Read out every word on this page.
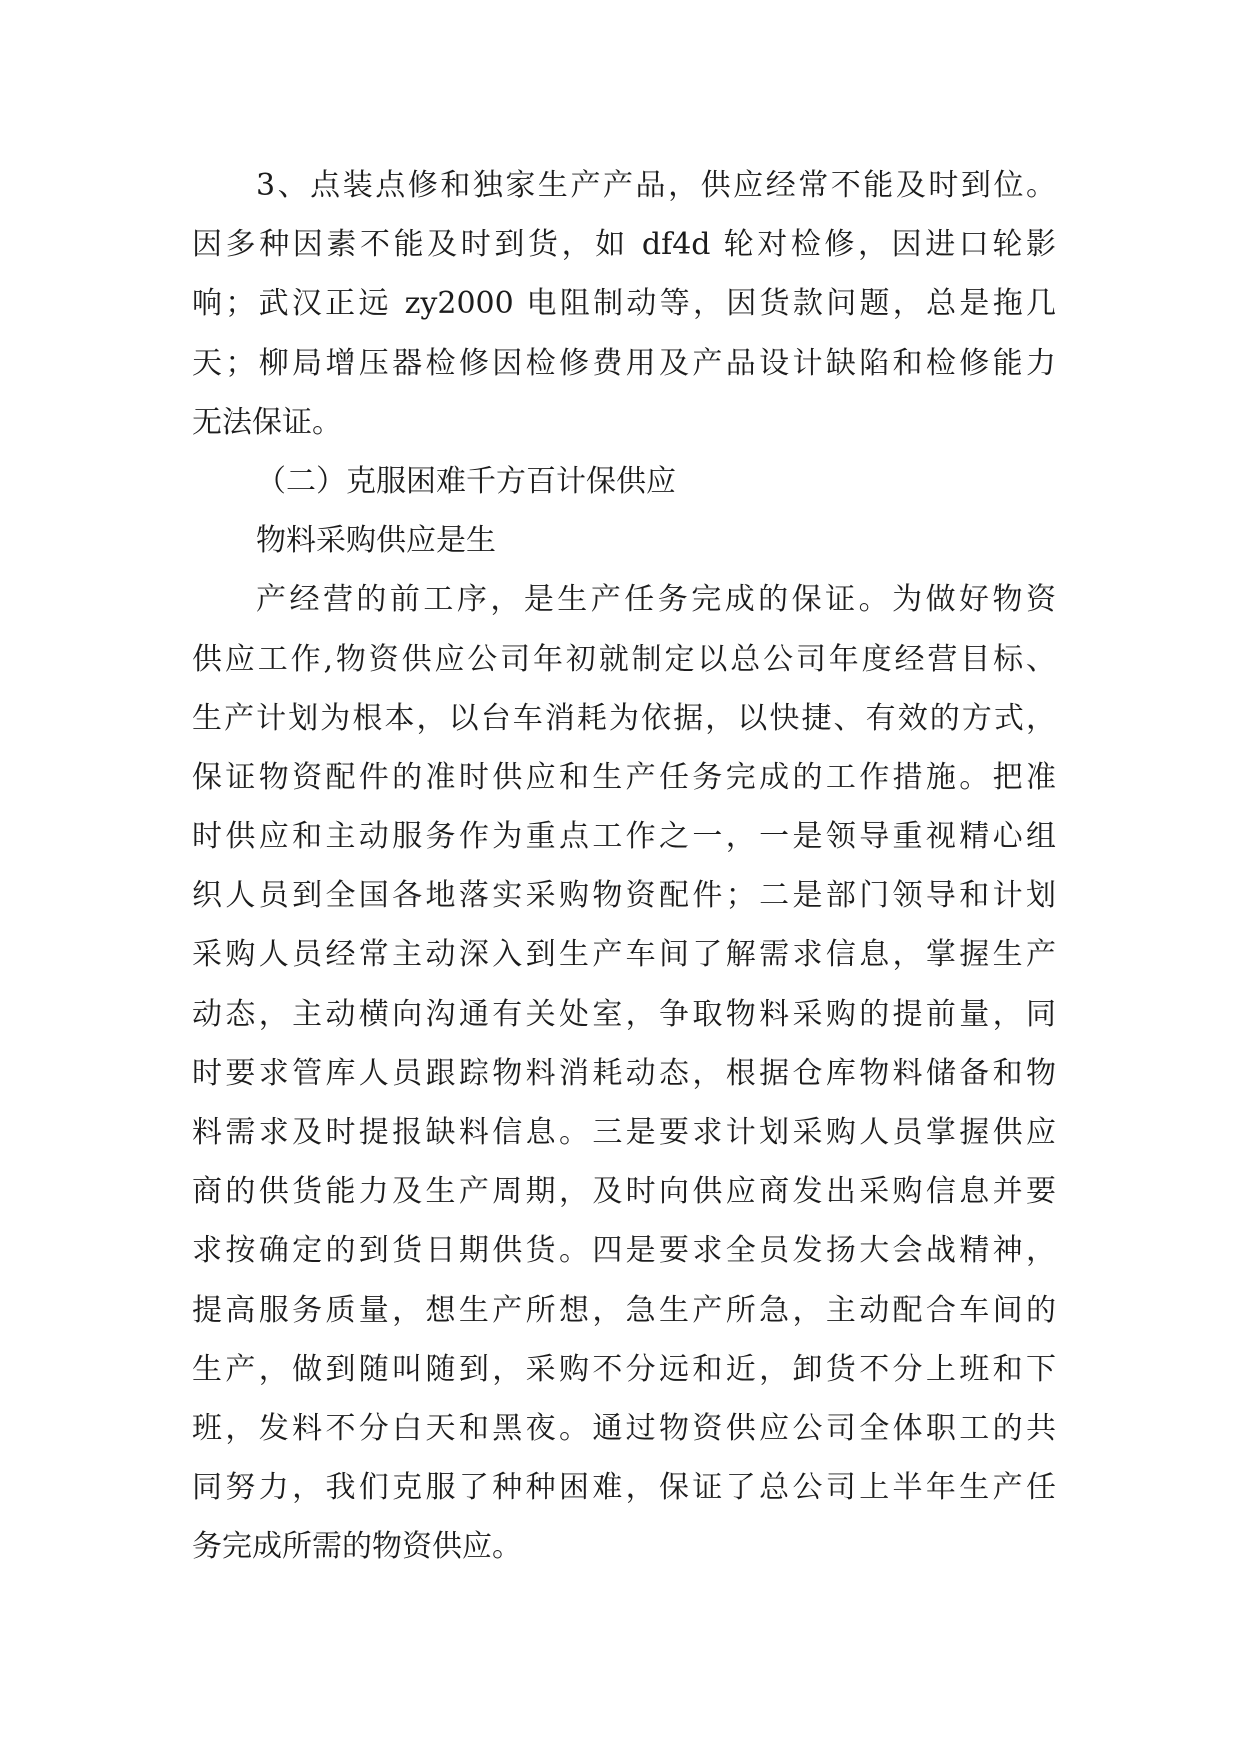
3、点装点修和独家生产产品，供应经常不能及时到位。
因多种因素不能及时到货，如 df4d 轮对检修，因进口轮影
响；武汉正远 zy2000 电阻制动等，因货款问题，总是拖几
天；柳局增压器检修因检修费用及产品设计缺陷和检修能力
无法保证。
（二）克服困难千方百计保供应
物料采购供应是生
产经营的前工序，是生产任务完成的保证。为做好物资
供应工作,物资供应公司年初就制定以总公司年度经营目标、
生产计划为根本，以台车消耗为依据，以快捷、有效的方式，
保证物资配件的准时供应和生产任务完成的工作措施。把准
时供应和主动服务作为重点工作之一，一是领导重视精心组
织人员到全国各地落实采购物资配件；二是部门领导和计划
采购人员经常主动深入到生产车间了解需求信息，掌握生产
动态，主动横向沟通有关处室，争取物料采购的提前量，同
时要求管库人员跟踪物料消耗动态，根据仓库物料储备和物
料需求及时提报缺料信息。三是要求计划采购人员掌握供应
商的供货能力及生产周期，及时向供应商发出采购信息并要
求按确定的到货日期供货。四是要求全员发扬大会战精神，
提高服务质量，想生产所想，急生产所急，主动配合车间的
生产，做到随叫随到，采购不分远和近，卸货不分上班和下
班，发料不分白天和黑夜。通过物资供应公司全体职工的共
同努力，我们克服了种种困难，保证了总公司上半年生产任
务完成所需的物资供应。
